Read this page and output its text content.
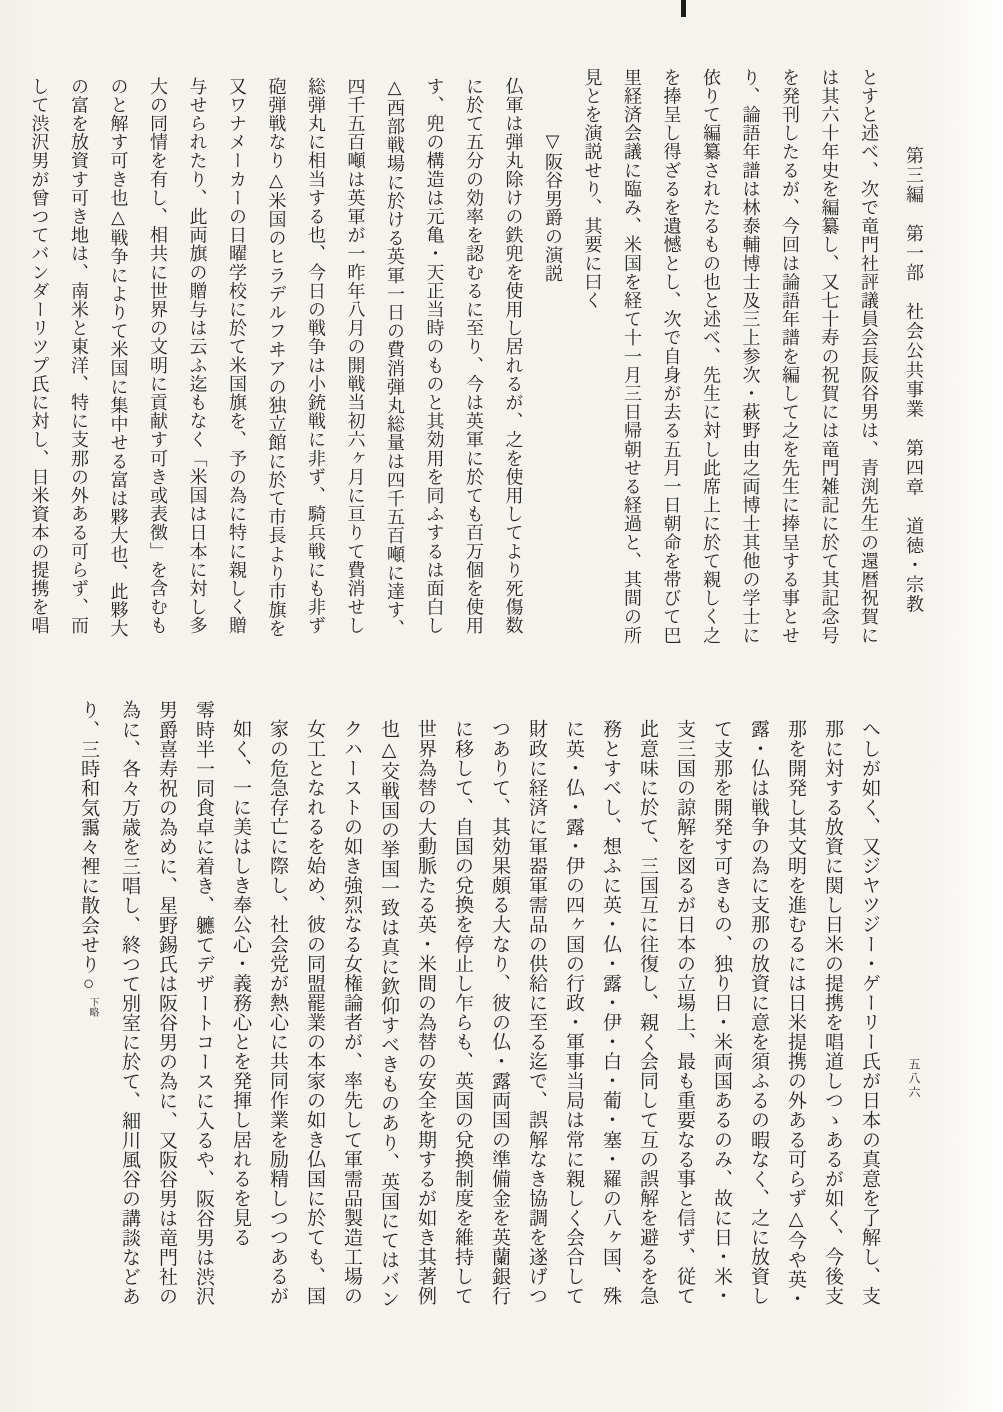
第三編　第一部　社会公共事業　第四章　道徳・宗教
とすと述べ、次で竜門社評議員会長阪谷男は、青渕先生の還暦祝賀に
は其六十年史を編纂し、又七十寿の祝賀には竜門雑記に於て其記念号
を発刊したるが、今回は論語年譜を編して之を先生に捧呈する事とせ
り、論語年譜は林泰輔博士及三上参次・萩野由之両博士其他の学士に
依りて編纂されたるもの也と述べ、先生に対し此席上に於て親しく之
を捧呈し得ざるを遺憾とし、次で自身が去る五月一日朝命を帯びて巴
里経済会議に臨み、米国を経て十一月三日帰朝せる経過と、其間の所
見とを演説せり、其要に曰く
▽阪谷男爵の演説
仏軍は弾丸除けの鉄兜を使用し居れるが、之を使用してより死傷数
に於て五分の効率を認むるに至り、今は英軍に於ても百万個を使用
す、兜の構造は元亀・天正当時のものと其効用を同ふするは面白し
△西部戦場に於ける英軍一日の費消弾丸総量は四千五百噸に達す、
四千五百噸は英軍が一昨年八月の開戦当初六ヶ月に亘りて費消せし
総弾丸に相当する也、今日の戦争は小銃戦に非ず、騎兵戦にも非ず
砲弾戦なり△米国のヒラデルフヰアの独立館に於て市長より市旗を
又ワナメーカーの日曜学校に於て米国旗を、予の為に特に親しく贈
与せられたり、此両旗の贈与は云ふ迄もなく「米国は日本に対し多
大の同情を有し、相共に世界の文明に貢献す可き或表徴」を含むも
のと解す可き也△戦争によりて米国に集中せる富は夥大也、此夥大
の富を放資す可き地は、南米と東洋、特に支那の外ある可らず、而
して渋沢男が曾つてバンダーリツプ氏に対し、日米資本の提携を唱
へしが如く、又ジヤツジー・ゲーリー氏が日本の真意を了解し、支
那に対する放資に関し日米の提携を唱道しつゝあるが如く、今後支
那を開発し其文明を進むるには日米提携の外ある可らず△今や英・
露・仏は戦争の為に支那の放資に意を須ふるの暇なく、之に放資し
て支那を開発す可きもの、独り日・米両国あるのみ、故に日・米・
支三国の諒解を図るが日本の立場上、最も重要なる事と信ず、従て
此意味に於て、三国互に往復し、親く会同して互の誤解を避るを急
務とすべし、想ふに英・仏・露・伊・白・葡・塞・羅の八ヶ国、殊
に英・仏・露・伊の四ヶ国の行政・軍事当局は常に親しく会合して
財政に経済に軍器軍需品の供給に至る迄で、誤解なき協調を遂げつ
つありて、其効果頗る大なり、彼の仏・露両国の準備金を英蘭銀行
に移して、自国の兌換を停止し乍らも、英国の兌換制度を維持して
世界為替の大動脈たる英・米間の為替の安全を期するが如き其著例
也△交戦国の挙国一致は真に欽仰すべきものあり、英国にてはバン
クハーストの如き強烈なる女権論者が、率先して軍需品製造工場の
女工となれるを始め、彼の同盟罷業の本家の如き仏国に於ても、国
家の危急存亡に際し、社会党が熱心に共同作業を励精しつつあるが
如く、一に美はしき奉公心・義務心とを発揮し居れるを見る
零時半一同食卓に着き、軈てデザートコースに入るや、阪谷男は渋沢
男爵喜寿祝の為めに、星野錫氏は阪谷男の為に、又阪谷男は竜門社の
為に、各々万歳を三唱し、終つて別室に於て、細川風谷の講談などあ
り、三時和気靄々裡に散会せり○下略
五八六
